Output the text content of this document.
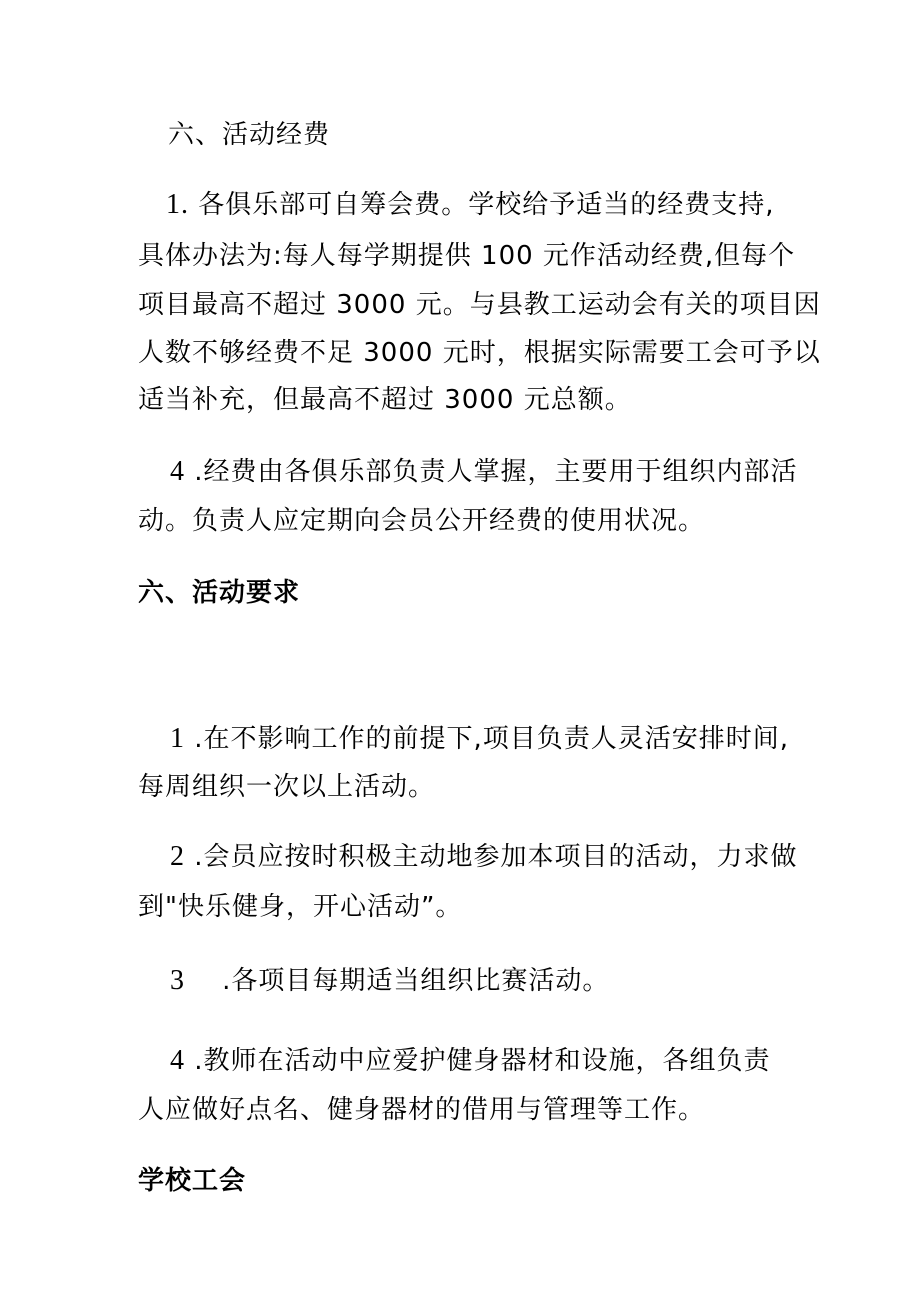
六、活动经费
1. 各俱乐部可自筹会费。学校给予适当的经费支持,
具体办法为:每人每学期提供 100 元作活动经费,但每个
项目最高不超过 3000 元。与县教工运动会有关的项目因
人数不够经费不足 3000 元时，根据实际需要工会可予以
适当补充，但最高不超过 3000 元总额。
4 .经费由各俱乐部负责人掌握，主要用于组织内部活
动。负责人应定期向会员公开经费的使用状况。
六、活动要求
1 .在不影响工作的前提下,项目负责人灵活安排时间,
每周组织一次以上活动。
2 .会员应按时积极主动地参加本项目的活动，力求做
到"快乐健身，开心活动”。
3 .各项目每期适当组织比赛活动。
4 .教师在活动中应爱护健身器材和设施，各组负责
人应做好点名、健身器材的借用与管理等工作。
学校工会
